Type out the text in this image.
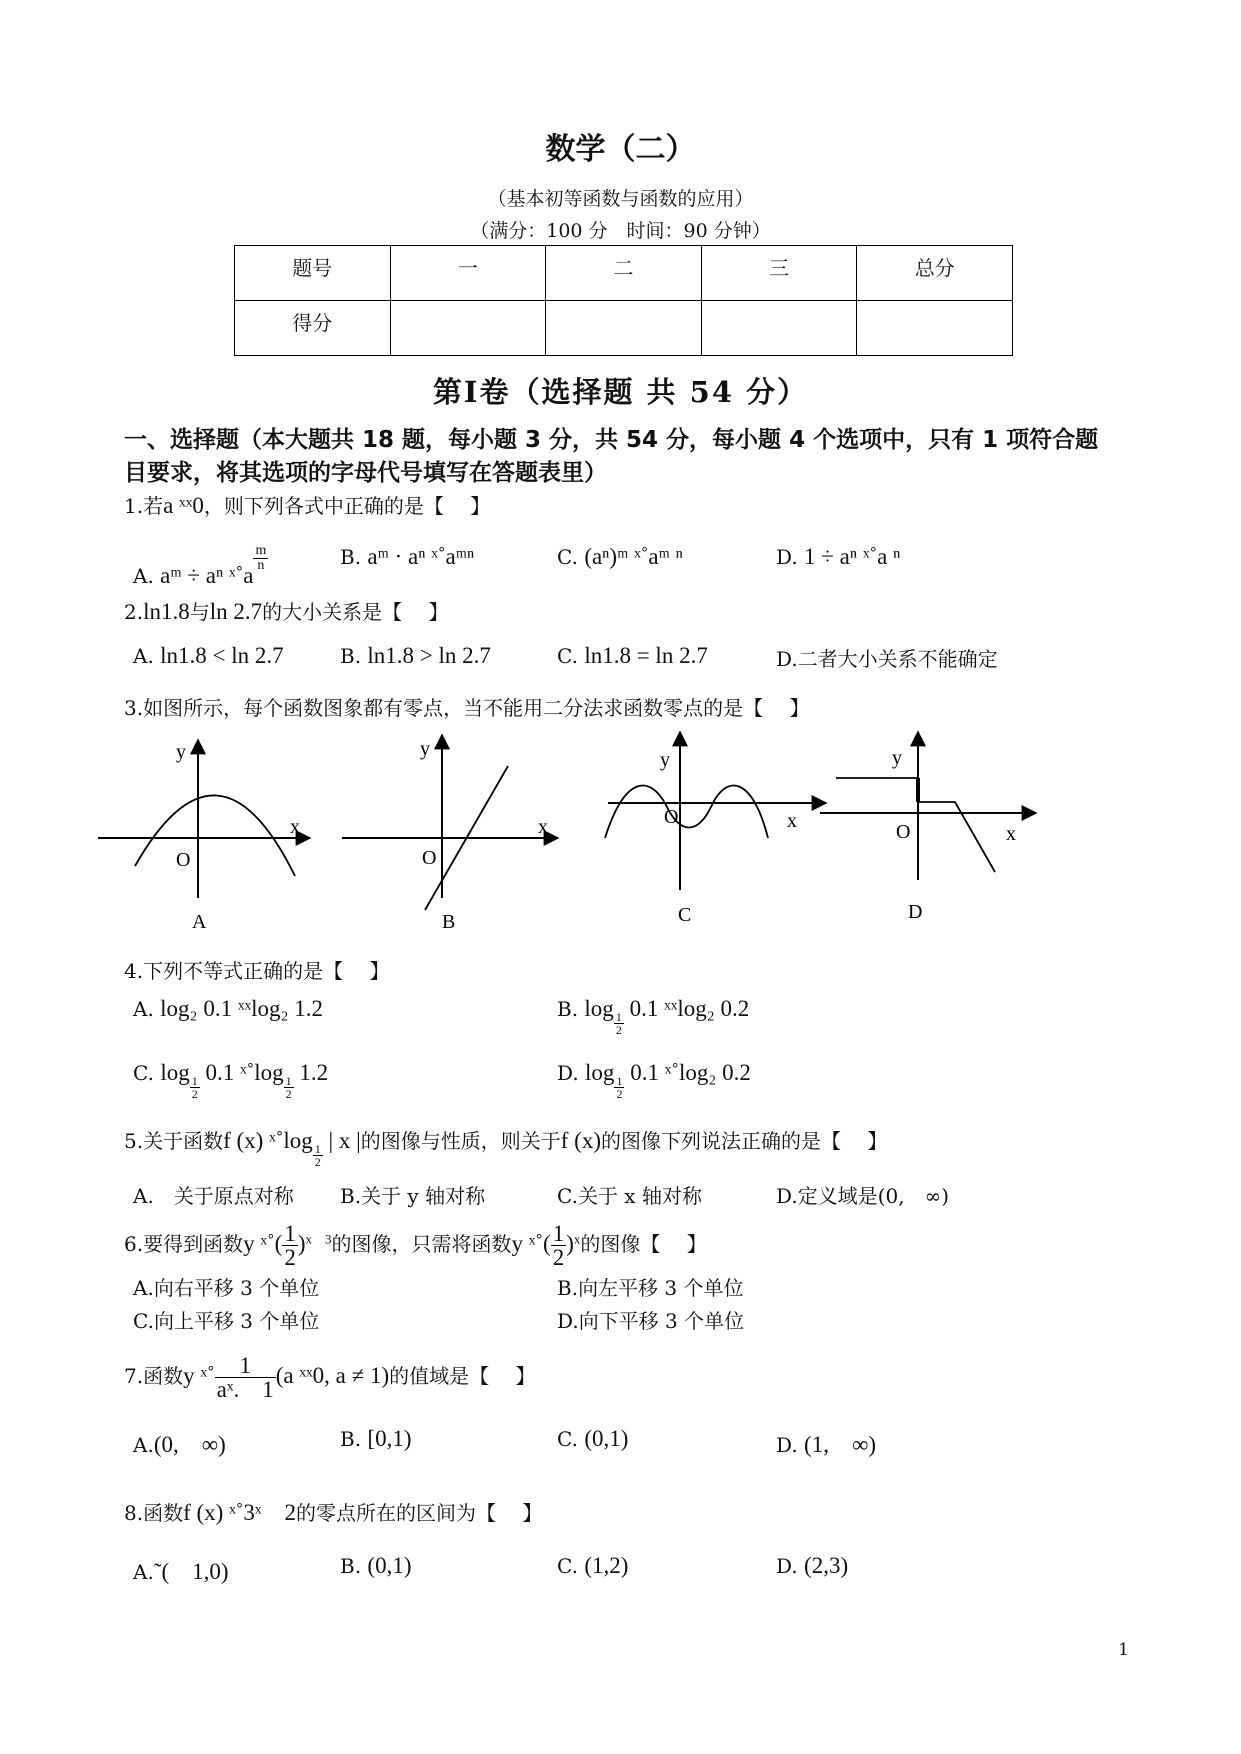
数学（二）
（基本初等函数与函数的应用）
（满分：100 分　时间：90 分钟）
题号	一	二	三	总分
得分				
第Ⅰ卷（选择题 共 54 分）
一、选择题（本大题共 18 题，每小题 3 分，共 54 分，每小题 4 个选项中，只有 1 项符合题
目要求，将其选项的字母代号填写在答题表里）
1.若a ˣˣ0，则下列各式中正确的是【　 】
A. aᵐ ÷ aⁿ ˣ˚a
$\frac{m}{n}$	B. aᵐ · aⁿ ˣ˚aᵐⁿ	C. (aⁿ)ᵐ ˣ˚aᵐ ⁿ	D. 1 ÷ aⁿ ˣ˚a ⁿ
2.ln1.8与ln 2.7的大小关系是【　 】
A. ln1.8 < ln 2.7	B. ln1.8 > ln 2.7	C. ln1.8 = ln 2.7	D.二者大小关系不能确定
3.如图所示，每个函数图象都有零点，当不能用二分法求函数零点的是【　 】
y
x
O
A
y
x
O
B
y
x
O
C
y
x
O
D
4.下列不等式正确的是【　 】
A. log₂ 0.1 ˣˣlog₂ 1.2	B. log
$\frac{1}{2}$
0.1 ˣˣlog₂ 0.2
C. log
$\frac{1}{2}$
0.1 ˣ˚log
$\frac{1}{2}$
1.2	D. log
$\frac{1}{2}$
0.1 ˣ˚log₂ 0.2
5.关于函数f (x) ˣ˚log
$\frac{1}{2}$
| x |的图像与性质，则关于f (x)的图像下列说法正确的是【　 】
A.　 关于原点对称 B.关于 y 轴对称	C.关于 x 轴对称	D.定义域是(0,　∞)
6.要得到函数y ˣ˚( $\frac{1}{2} )^{x 3}$的图像，只需将函数y ˣ˚( $\frac{1}{2} )^x$的图像【　 】
A.向右平移 3 个单位	B.向左平移 3 个单位
C.向上平移 3 个单位	D.向下平移 3 个单位
7.函数y ˣ˚ $\frac{1}{\text{aˣ.　1}} (a$ ˣˣ0, a ≠ 1)的值域是【　 】
A.(0,　∞)	B. [0,1)	C. (0,1)	D. (1,　∞)
8.函数f (x) ˣ˚3ˣ　2的零点所在的区间为【　 】
A.˜(　1,0)	B. (0,1)	C. (1,2)	D. (2,3)
1
